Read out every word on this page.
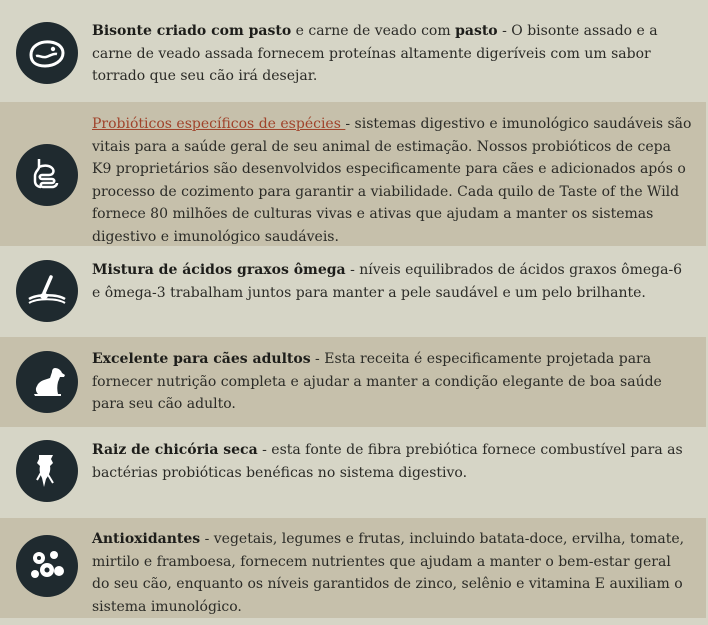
Bisonte criado com pasto e carne de veado com pasto - O bisonte assado e a carne de veado assada fornecem proteínas altamente digeríveis com um sabor torrado que seu cão irá desejar.
Probióticos específicos de espécies - sistemas digestivo e imunológico saudáveis são vitais para a saúde geral de seu animal de estimação. Nossos probióticos de cepa K9 proprietários são desenvolvidos especificamente para cães e adicionados após o processo de cozimento para garantir a viabilidade. Cada quilo de Taste of the Wild fornece 80 milhões de culturas vivas e ativas que ajudam a manter os sistemas digestivo e imunológico saudáveis.
Mistura de ácidos graxos ômega - níveis equilibrados de ácidos graxos ômega-6 e ômega-3 trabalham juntos para manter a pele saudável e um pelo brilhante.
Excelente para cães adultos - Esta receita é especificamente projetada para fornecer nutrição completa e ajudar a manter a condição elegante de boa saúde para seu cão adulto.
Raiz de chicória seca - esta fonte de fibra prebiótica fornece combustível para as bactérias probióticas benéficas no sistema digestivo.
Antioxidantes - vegetais, legumes e frutas, incluindo batata-doce, ervilha, tomate, mirtilo e framboesa, fornecem nutrientes que ajudam a manter o bem-estar geral do seu cão, enquanto os níveis garantidos de zinco, selênio e vitamina E auxiliam o sistema imunológico.
